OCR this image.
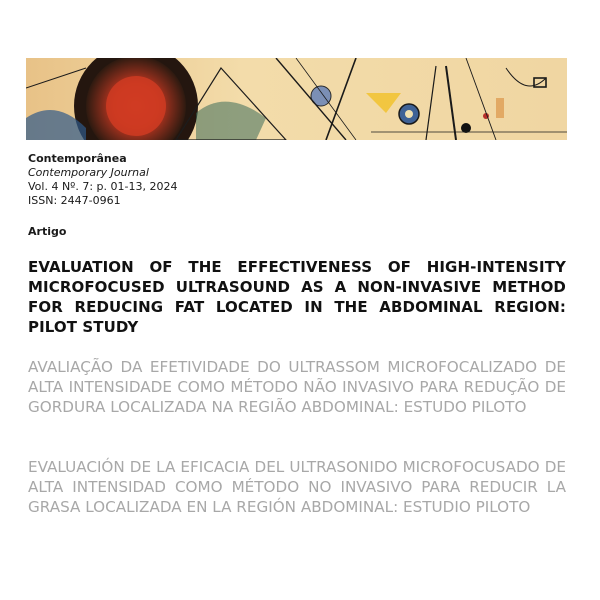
Contemporânea
Contemporary Journal
Vol. 4 Nº. 7: p. 01-13, 2024
ISSN: 2447-0961
Artigo
EVALUATION OF THE EFFECTIVENESS OF HIGH-INTENSITY MICROFOCUSED ULTRASOUND AS A NON-INVASIVE METHOD FOR REDUCING FAT LOCATED IN THE ABDOMINAL REGION: PILOT STUDY
AVALIAÇÃO DA EFETIVIDADE DO ULTRASSOM MICROFOCALIZADO DE ALTA INTENSIDADE COMO MÉTODO NÃO INVASIVO PARA REDUÇÃO DE GORDURA LOCALIZADA NA REGIÃO ABDOMINAL: ESTUDO PILOTO
EVALUACIÓN DE LA EFICACIA DEL ULTRASONIDO MICROFOCUSADO DE ALTA INTENSIDAD COMO MÉTODO NO INVASIVO PARA REDUCIR LA GRASA LOCALIZADA EN LA REGIÓN ABDOMINAL: ESTUDIO PILOTO
